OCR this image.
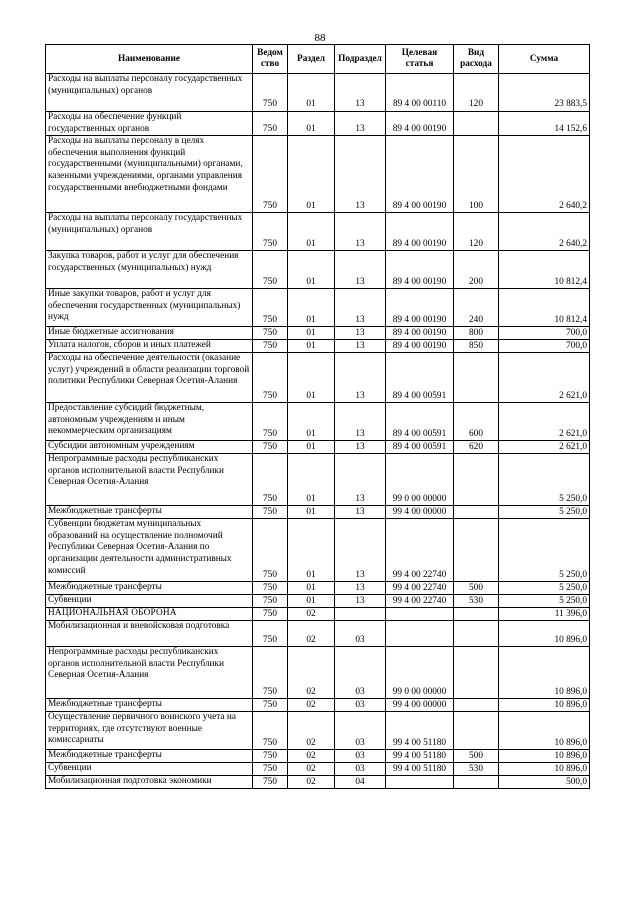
88
Наименование	Ведом ство	Раздел	Подраздел	Целевая статья	Вид расхода	Сумма
Расходы на выплаты персоналу государственных (муниципальных) органов	750	01	13	89 4 00 00110	120	23 883,5
Расходы на обеспечение функций государственных органов	750	01	13	89 4 00 00190		14 152,6
Расходы на выплаты персоналу в целях обеспечения выполнения функций государственными (муниципальными) органами, казенными учреждениями, органами управления государственными внебюджетными фондами	750	01	13	89 4 00 00190	100	2 640,2
Расходы на выплаты персоналу государственных (муниципальных) органов	750	01	13	89 4 00 00190	120	2 640,2
Закупка товаров, работ и услуг для обеспечения государственных (муниципальных) нужд	750	01	13	89 4 00 00190	200	10 812,4
Иные закупки товаров, работ и услуг для обеспечения государственных (муниципальных) нужд	750	01	13	89 4 00 00190	240	10 812,4
Иные бюджетные ассигнования	750	01	13	89 4 00 00190	800	700,0
Уплата налогов, сборов и иных платежей	750	01	13	89 4 00 00190	850	700,0
Расходы на обеспечение деятельности (оказание услуг) учреждений в области реализации торговой политики Республики Северная Осетия-Алания	750	01	13	89 4 00 00591		2 621,0
Предоставление субсидий бюджетным, автономным учреждениям и иным некоммерческим организациям	750	01	13	89 4 00 00591	600	2 621,0
Субсидии автономным учреждениям	750	01	13	89 4 00 00591	620	2 621,0
Непрограммные расходы республиканских органов исполнительной власти Республики Северная Осетия-Алания	750	01	13	99 0 00 00000		5 250,0
Межбюджетные трансферты	750	01	13	99 4 00 00000		5 250,0
Субвенции бюджетам муниципальных образований на осуществление полномочий Республики Северная Осетия-Алания по организации деятельности административных комиссий	750	01	13	99 4 00 22740		5 250,0
Межбюджетные трансферты	750	01	13	99 4 00 22740	500	5 250,0
Субвенции	750	01	13	99 4 00 22740	530	5 250,0
НАЦИОНАЛЬНАЯ ОБОРОНА	750	02				11 396,0
Мобилизационная и вневойсковая подготовка	750	02	03			10 896,0
Непрограммные расходы республиканских органов исполнительной власти Республики Северная Осетия-Алания	750	02	03	99 0 00 00000		10 896,0
Межбюджетные трансферты	750	02	03	99 4 00 00000		10 896,0
Осуществление первичного воинского учета на территориях, где отсутствуют военные комиссариаты	750	02	03	99 4 00 51180		10 896,0
Межбюджетные трансферты	750	02	03	99 4 00 51180	500	10 896,0
Субвенции	750	02	03	99 4 00 51180	530	10 896,0
Мобилизационная подготовка экономики	750	02	04			500,0
